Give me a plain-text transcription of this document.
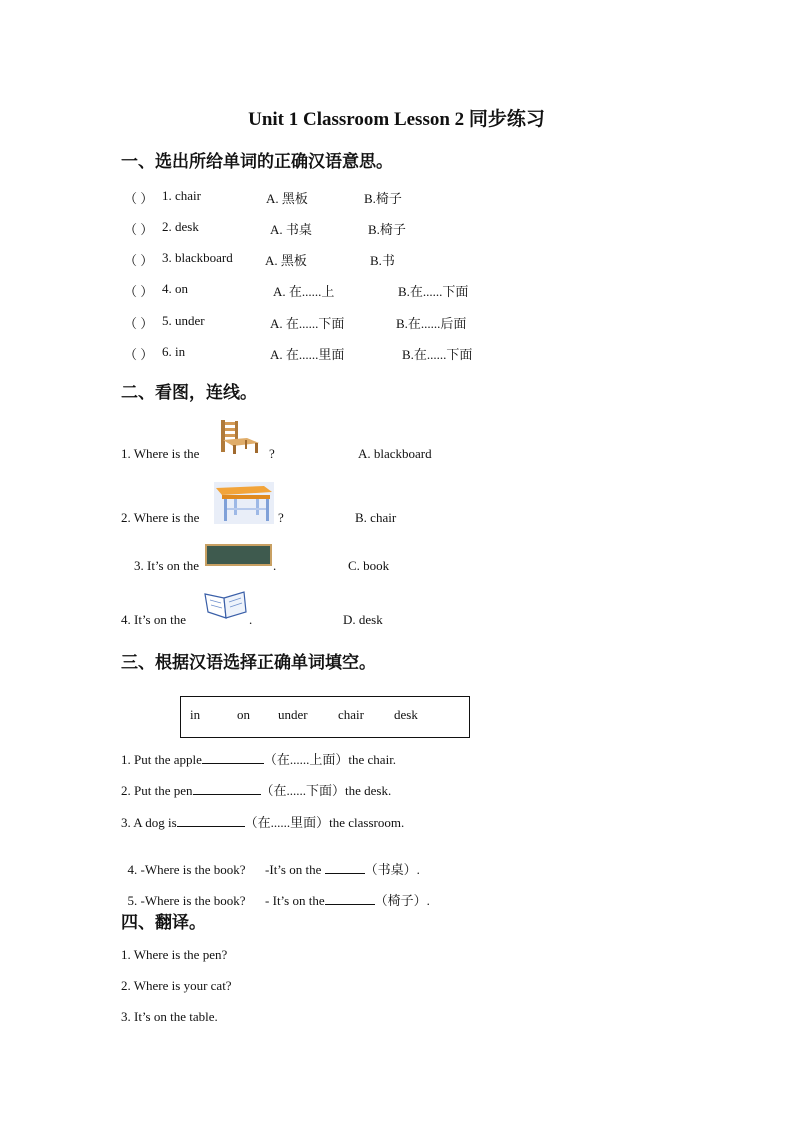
Unit 1 Classroom Lesson 2 同步练习
一、选出所给单词的正确汉语意思。
（ ） 1. chair	A. 黑板	B.椅子
（ ） 2. desk	A. 书桌	B.椅子
（ ） 3. blackboard A. 黑板	B.书
（ ） 4. on	A. 在......上	B.在......下面
（ ） 5. under	A. 在......下面	B.在......后面
（ ） 6. in	A. 在......里面	B.在......下面
二、看图，连线。
1. Where is the	?	A. blackboard
2. Where is the	?	B. chair
3. It’s on the	.	C. book
4. It’s on the	.	D. desk
三、根据汉语选择正确单词填空。
in	on under chair desk
1. Put the apple	（在......上面）the chair.
2. Put the pen	（在......下面）the desk.
3. A dog is	（在......里面）the classroom.

4. -Where is the book?      -It’s on the	（书桌）.

5. -Where is the book?      - It’s on the	（椅子）.

四、翻译。
1. Where is the pen?
2. Where is your cat?
3. It’s on the table.
